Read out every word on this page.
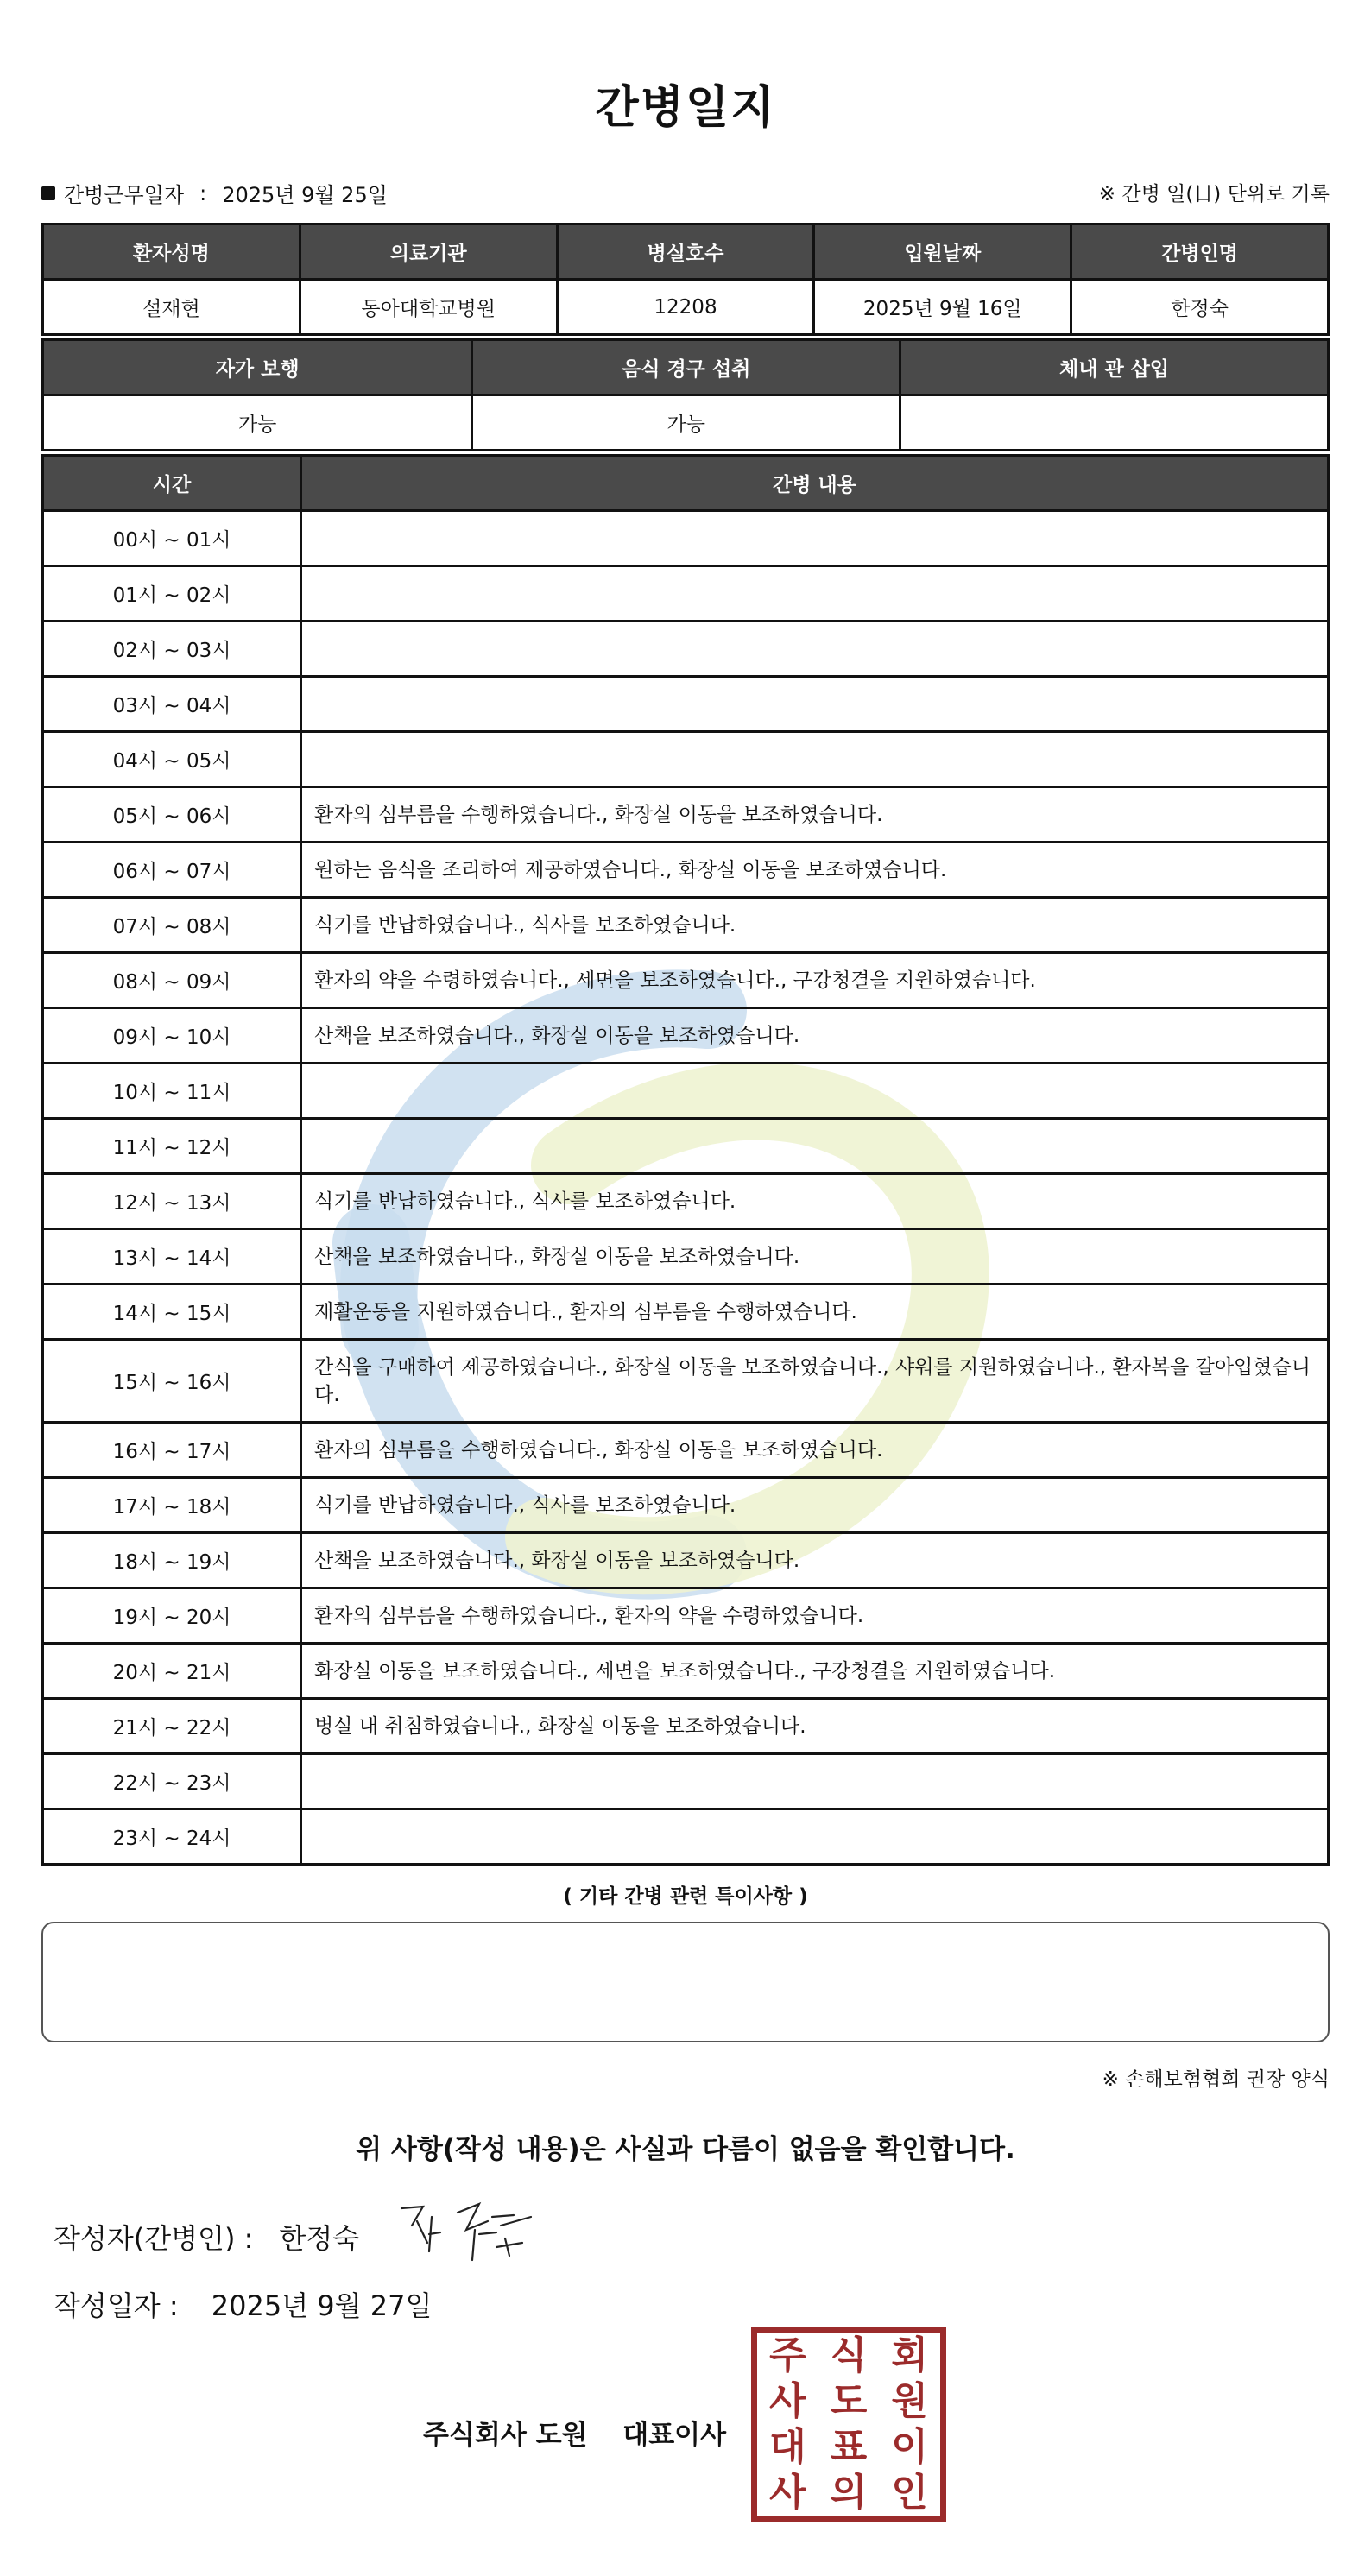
간병일지
간병근무일자 : 2025년 9월 25일	※ 간병 일(日) 단위로 기록
환자성명	의료기관	병실호수	입원날짜	간병인명
설재현	동아대학교병원	12208	2025년 9월 16일	한정숙
자가 보행	음식 경구 섭취	체내 관 삽입
가능	가능	
시간	간병 내용
00시 ~ 01시	
01시 ~ 02시	
02시 ~ 03시	
03시 ~ 04시	
04시 ~ 05시	
05시 ~ 06시	환자의 심부름을 수행하였습니다., 화장실 이동을 보조하였습니다.
06시 ~ 07시	원하는 음식을 조리하여 제공하였습니다., 화장실 이동을 보조하였습니다.
07시 ~ 08시	식기를 반납하였습니다., 식사를 보조하였습니다.
08시 ~ 09시	환자의 약을 수령하였습니다., 세면을 보조하였습니다., 구강청결을 지원하였습니다.
09시 ~ 10시	산책을 보조하였습니다., 화장실 이동을 보조하였습니다.
10시 ~ 11시	
11시 ~ 12시	
12시 ~ 13시	식기를 반납하였습니다., 식사를 보조하였습니다.
13시 ~ 14시	산책을 보조하였습니다., 화장실 이동을 보조하였습니다.
14시 ~ 15시	재활운동을 지원하였습니다., 환자의 심부름을 수행하였습니다.
15시 ~ 16시	간식을 구매하여 제공하였습니다., 화장실 이동을 보조하였습니다., 샤워를 지원하였습니다., 환자복을 갈아입혔습니다.
16시 ~ 17시	환자의 심부름을 수행하였습니다., 화장실 이동을 보조하였습니다.
17시 ~ 18시	식기를 반납하였습니다., 식사를 보조하였습니다.
18시 ~ 19시	산책을 보조하였습니다., 화장실 이동을 보조하였습니다.
19시 ~ 20시	환자의 심부름을 수행하였습니다., 환자의 약을 수령하였습니다.
20시 ~ 21시	화장실 이동을 보조하였습니다., 세면을 보조하였습니다., 구강청결을 지원하였습니다.
21시 ~ 22시	병실 내 취침하였습니다., 화장실 이동을 보조하였습니다.
22시 ~ 23시	
23시 ~ 24시	
( 기타 간병 관련 특이사항 )
※ 손해보험협회 권장 양식
위 사항(작성 내용)은 사실과 다름이 없음을 확인합니다.
작성자(간병인) : 한정숙
작성일자 : 2025년 9월 27일
주식회사 도원 대표이사
주 식 회
사 도 원
대 표 이
사 의 인
